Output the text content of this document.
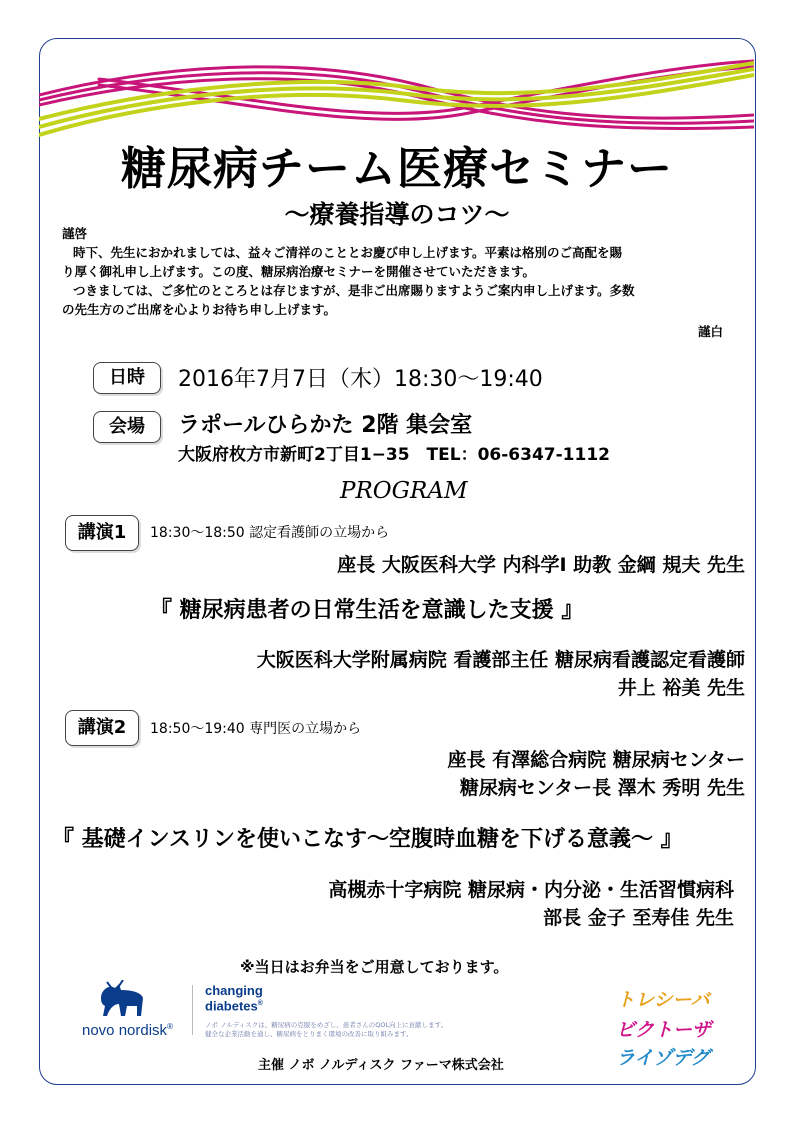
糖尿病チーム医療セミナー
～療養指導のコツ～
謹啓
時下、先生におかれましては、益々ご清祥のこととお慶び申し上げます。平素は格別のご高配を賜
り厚く御礼申し上げます。この度、糖尿病治療セミナーを開催させていただきます。
つきましては、ご多忙のところとは存じますが、是非ご出席賜りますようご案内申し上げます。多数
の先生方のご出席を心よりお待ち申し上げます。
謹白
日時	2016年7月7日（木）18:30～19:40
会場	ラポールひらかた 2階 集会室
大阪府枚方市新町2丁目1−35　TEL：06-6347-1112
PROGRAM
講演1	18:30～18:50 認定看護師の立場から
座長 大阪医科大学 内科学Ⅰ 助教 金綱 規夫 先生
『 糖尿病患者の日常生活を意識した支援 』
大阪医科大学附属病院 看護部主任 糖尿病看護認定看護師
井上 裕美 先生
講演2	18:50～19:40 専門医の立場から
座長 有澤総合病院 糖尿病センター
糖尿病センター長 澤木 秀明 先生
『 基礎インスリンを使いこなす～空腹時血糖を下げる意義～ 』
高槻赤十字病院 糖尿病・内分泌・生活習慣病科
部長 金子 至寿佳 先生
※当日はお弁当をご用意しております。
novo nordisk®
changing
diabetes®
ノボ ノルディスクは、糖尿病の克服をめざし、患者さんのQOL向上に貢献します。
健全な企業活動を通し、糖尿病をとりまく環境の改善に取り組みます。
主催 ノボ ノルディスク ファーマ株式会社
トレシーバ
ビクトーザ
ライゾデグ
